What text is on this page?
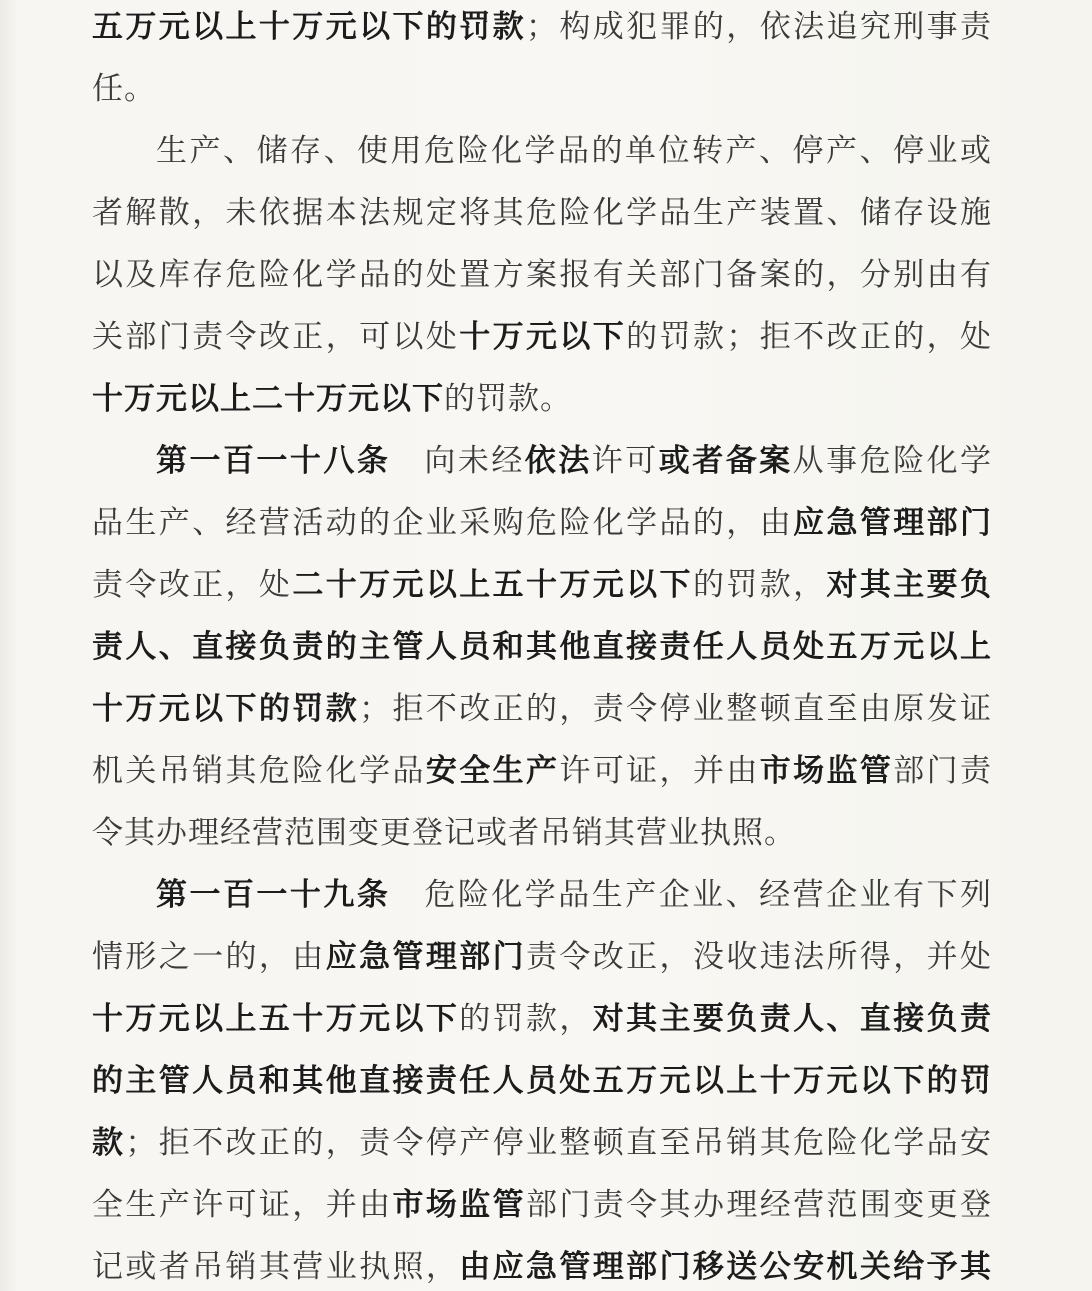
五万元以上十万元以下的罚款；构成犯罪的，依法追究刑事责
任。
生产、储存、使用危险化学品的单位转产、停产、停业或
者解散，未依据本法规定将其危险化学品生产装置、储存设施
以及库存危险化学品的处置方案报有关部门备案的，分别由有
关部门责令改正，可以处十万元以下的罚款；拒不改正的，处
十万元以上二十万元以下的罚款。
第一百一十八条 向未经依法许可或者备案从事危险化学
品生产、经营活动的企业采购危险化学品的，由应急管理部门
责令改正，处二十万元以上五十万元以下的罚款，对其主要负
责人、直接负责的主管人员和其他直接责任人员处五万元以上
十万元以下的罚款；拒不改正的，责令停业整顿直至由原发证
机关吊销其危险化学品安全生产许可证，并由市场监管部门责
令其办理经营范围变更登记或者吊销其营业执照。
第一百一十九条 危险化学品生产企业、经营企业有下列
情形之一的，由应急管理部门责令改正，没收违法所得，并处
十万元以上五十万元以下的罚款，对其主要负责人、直接负责
的主管人员和其他直接责任人员处五万元以上十万元以下的罚
款；拒不改正的，责令停产停业整顿直至吊销其危险化学品安
全生产许可证，并由市场监管部门责令其办理经营范围变更登
记或者吊销其营业执照，由应急管理部门移送公安机关给予其
